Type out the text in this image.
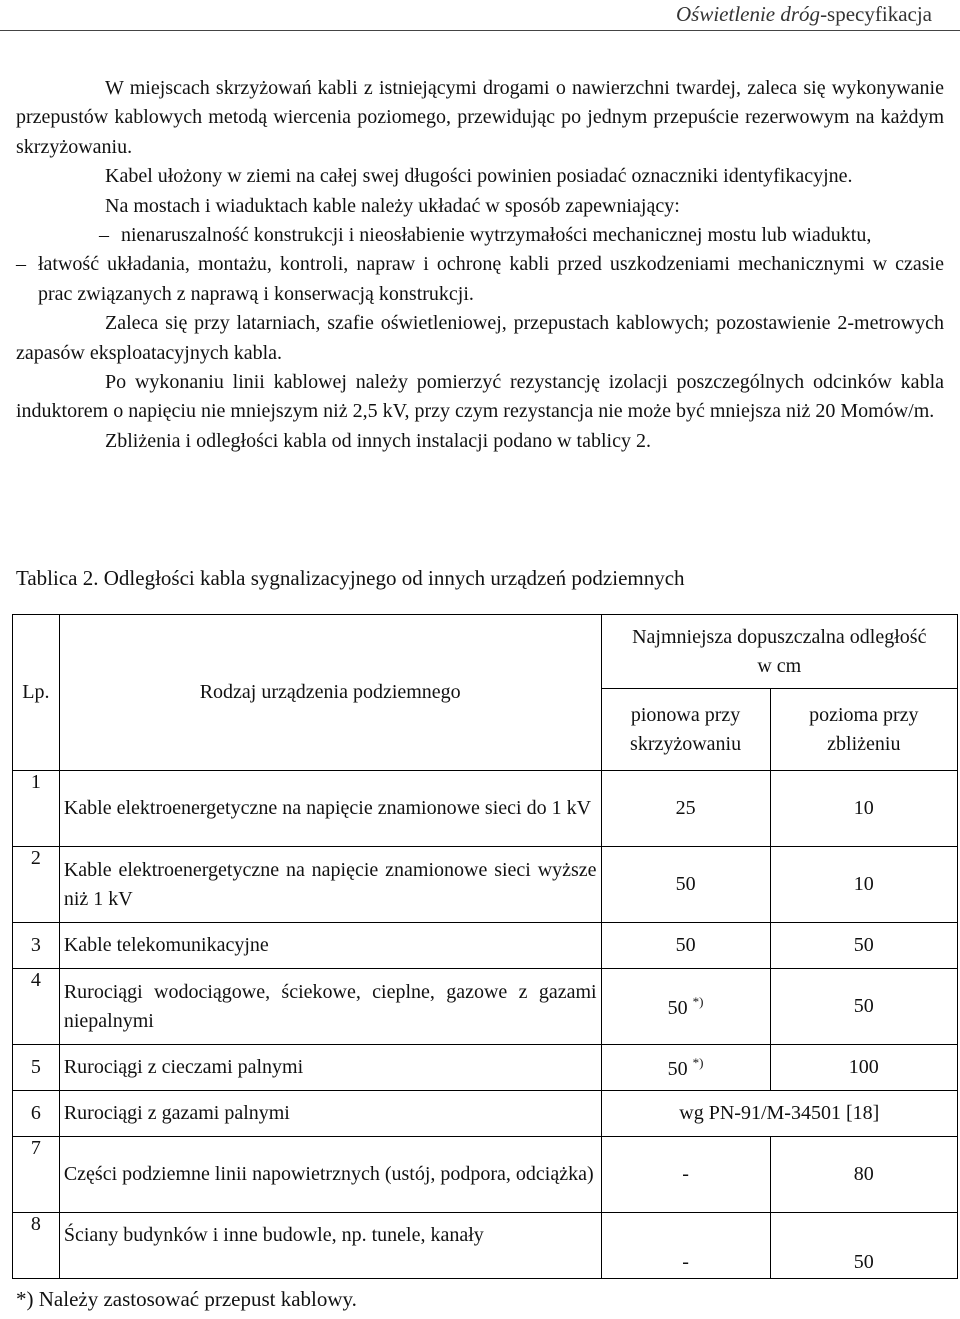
Oświetlenie dróg-specyfikacja

W miejscach skrzyżowań kabli z istniejącymi drogami o nawierzchni twardej, zaleca się wykonywanie przepustów kablowych metodą wiercenia poziomego, przewidując po jednym przepuście rezerwowym na każdym skrzyżowaniu.

Kabel ułożony w ziemi na całej swej długości powinien posiadać oznaczniki identyfikacyjne.

Na mostach i wiaduktach kable należy układać w sposób zapewniający:

– nienaruszalność konstrukcji i nieosłabienie wytrzymałości mechanicznej mostu lub wiaduktu,

– łatwość układania, montażu, kontroli, napraw i ochronę kabli przed uszkodzeniami mechanicznymi w czasie prac związanych z naprawą i konserwacją konstrukcji.

Zaleca się przy latarniach, szafie oświetleniowej, przepustach kablowych; pozostawienie 2-metrowych zapasów eksploatacyjnych kabla.

Po wykonaniu linii kablowej należy pomierzyć rezystancję izolacji poszczególnych odcinków kabla induktorem o napięciu nie mniejszym niż 2,5 kV, przy czym rezystancja nie może być mniejsza niż 20 Momów/m.

Zbliżenia i odległości kabla od innych instalacji podano w tablicy 2.

Tablica 2. Odległości kabla sygnalizacyjnego od innych urządzeń podziemnych
Lp.	Rodzaj urządzenia podziemnego	Najmniejsza dopuszczalna odległość w cm	
		pionowa przy skrzyżowaniu	pozioma przy zbliżeniu
1	Kable elektroenergetyczne na napięcie znamionowe sieci do 1 kV	25	10
2	Kable elektroenergetyczne na napięcie znamionowe sieci wyższe niż 1 kV	50	10
3	Kable telekomunikacyjne	50	50
4	Rurociągi wodociągowe, ściekowe, cieplne, gazowe z gazami niepalnymi	50 *)	50
5	Rurociągi z cieczami palnymi	50 *)	100
6	Rurociągi z gazami palnymi	wg PN-91/M-34501 [18]	
7	Części podziemne linii napowietrznych (ustój, podpora, odciążka)	-	80
8	Ściany budynków i inne budowle, np. tunele, kanały	-	50
*) Należy zastosować przepust kablowy.
